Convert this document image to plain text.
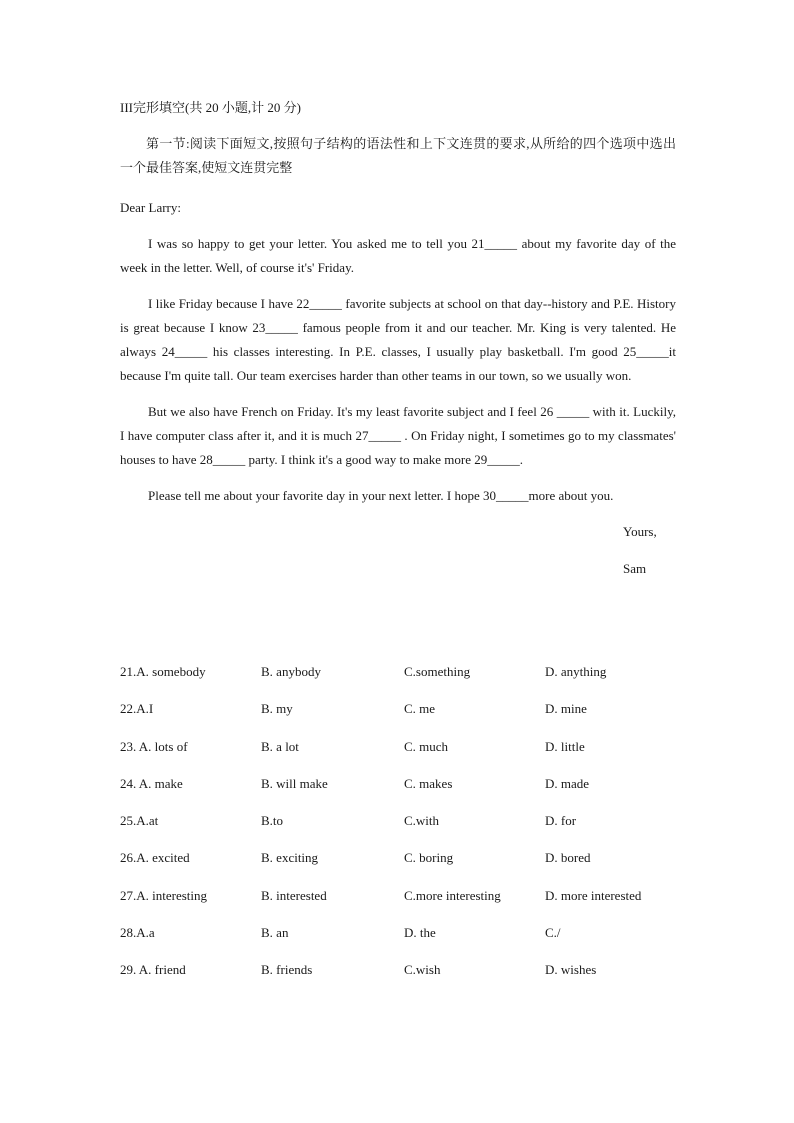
III完形填空(共 20 小题,计 20 分)

第一节:阅读下面短文,按照句子结构的语法性和上下文连贯的要求,从所给的四个选项中选出一个最佳答案,使短文连贯完整

Dear Larry:

I was so happy to get your letter. You asked me to tell you 21_____ about my favorite day of the week in the letter. Well, of course it's' Friday.

I like Friday because I have 22_____ favorite subjects at school on that day--history and P.E. History is great because I know 23_____ famous people from it and our teacher. Mr. King is very talented. He always 24_____ his classes interesting. In P.E. classes, I usually play basketball. I'm good 25_____it because I'm quite tall. Our team exercises harder than other teams in our town, so we usually won.

But we also have French on Friday. It's my least favorite subject and I feel 26 _____ with it. Luckily, I have computer class after it, and it is much 27_____ . On Friday night, I sometimes go to my classmates' houses to have 28_____ party. I think it's a good way to make more 29_____.

Please tell me about your favorite day in your next letter. I hope 30_____more about you.

Yours,

Sam

21.A. somebody	B. anybody	C.something	D. anything
22.A.I	B. my	C. me	D. mine
23. A. lots of	B. a lot	C. much	D. little
24. A. make	B. will make	C. makes	D. made
25.A.at	B.to	C.with	D. for
26.A. excited	B. exciting	C. boring	D. bored
27.A. interesting	B. interested	C.more interesting	D. more interested
28.A.a	B. an	D. the	C./
29. A. friend	B. friends	C.wish	D. wishes
